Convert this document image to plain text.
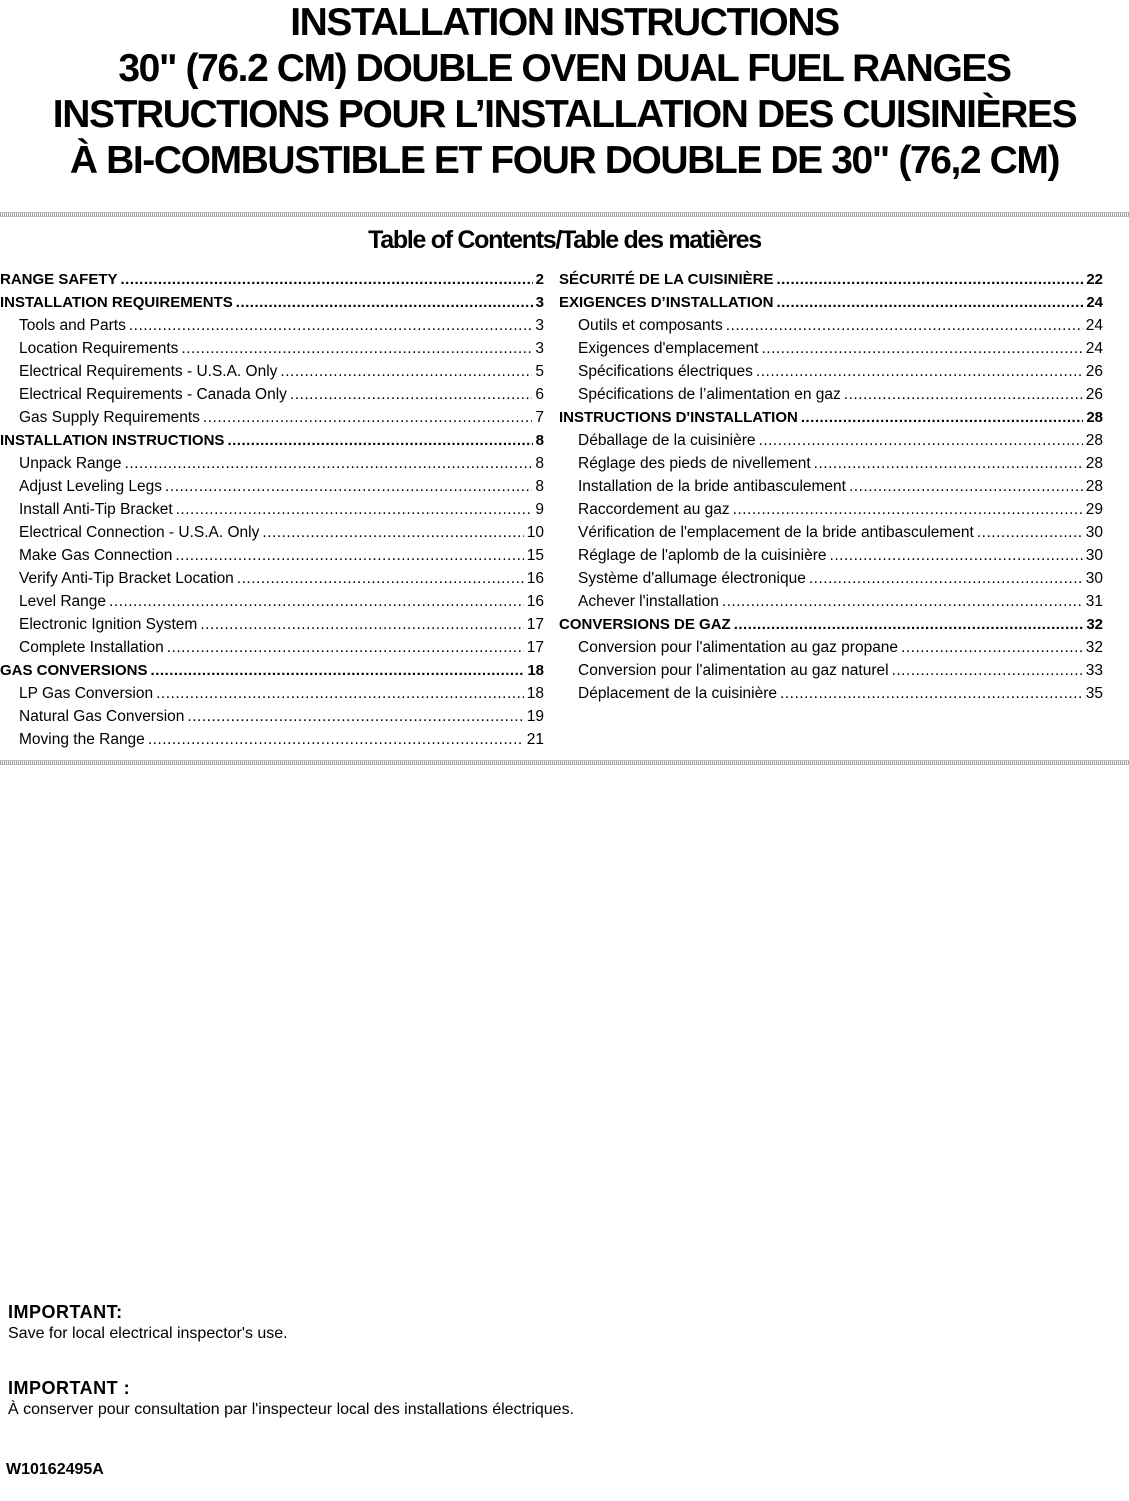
INSTALLATION INSTRUCTIONS
30" (76.2 CM) DOUBLE OVEN DUAL FUEL RANGES
INSTRUCTIONS POUR L’INSTALLATION DES CUISINIÈRES
À BI-COMBUSTIBLE ET FOUR DOUBLE DE 30" (76,2 CM)
Table of Contents/Table des matières
RANGE SAFETY .....	2
INSTALLATION REQUIREMENTS .....	3
Tools and Parts .....	3
Location Requirements .....	3
Electrical Requirements - U.S.A. Only .....	5
Electrical Requirements - Canada Only .....	6
Gas Supply Requirements .....	7
INSTALLATION INSTRUCTIONS .....	8
Unpack Range .....	8
Adjust Leveling Legs .....	8
Install Anti-Tip Bracket .....	9
Electrical Connection - U.S.A. Only .....	10
Make Gas Connection .....	15
Verify Anti-Tip Bracket Location .....	16
Level Range .....	16
Electronic Ignition System .....	17
Complete Installation .....	17
GAS CONVERSIONS .....	18
LP Gas Conversion .....	18
Natural Gas Conversion .....	19
Moving the Range .....	21
SÉCURITÉ DE LA CUISINIÈRE .....	22
EXIGENCES D’INSTALLATION .....	24
Outils et composants .....	24
Exigences d'emplacement .....	24
Spécifications électriques .....	26
Spécifications de l’alimentation en gaz .....	26
INSTRUCTIONS D'INSTALLATION .....	28
Déballage de la cuisinière .....	28
Réglage des pieds de nivellement .....	28
Installation de la bride antibasculement .....	28
Raccordement au gaz .....	29
Vérification de l'emplacement de la bride antibasculement .....	30
Réglage de l'aplomb de la cuisinière .....	30
Système d'allumage électronique .....	30
Achever l'installation .....	31
CONVERSIONS DE GAZ .....	32
Conversion pour l'alimentation au gaz propane .....	32
Conversion pour l'alimentation au gaz naturel .....	33
Déplacement de la cuisinière .....	35
IMPORTANT:
Save for local electrical inspector's use.
IMPORTANT :
À conserver pour consultation par l'inspecteur local des installations électriques.
W10162495A
